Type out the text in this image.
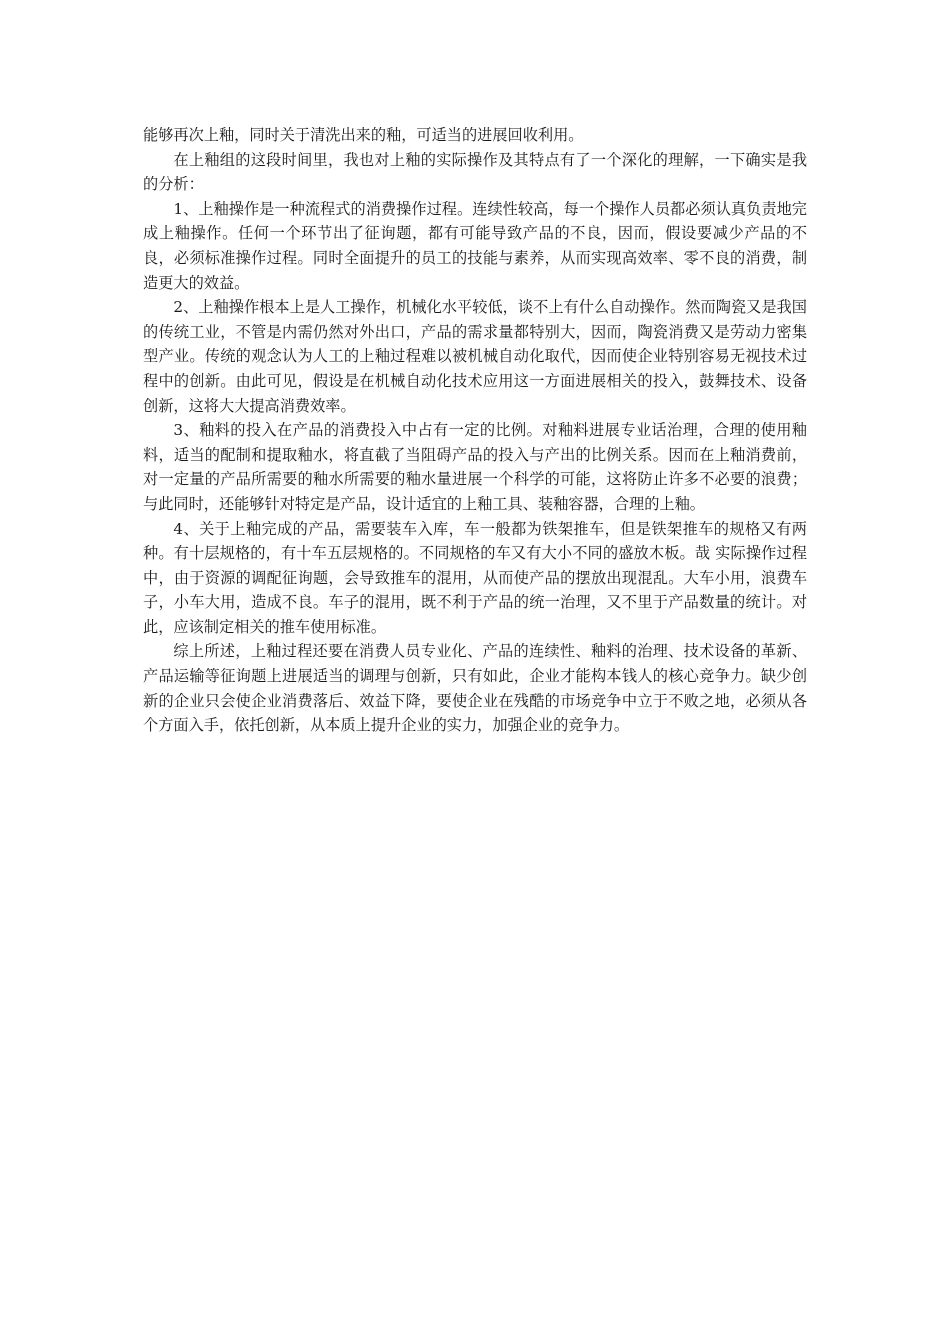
能够再次上釉，同时关于清洗出来的釉，可适当的进展回收利用。

在上釉组的这段时间里，我也对上釉的实际操作及其特点有了一个深化的理解，一下确实是我的分析：

1、上釉操作是一种流程式的消费操作过程。连续性较高，每一个操作人员都必须认真负责地完成上釉操作。任何一个环节出了征询题，都有可能导致产品的不良，因而，假设要减少产品的不良，必须标准操作过程。同时全面提升的员工的技能与素养，从而实现高效率、零不良的消费，制造更大的效益。

2、上釉操作根本上是人工操作，机械化水平较低，谈不上有什么自动操作。然而陶瓷又是我国的传统工业，不管是内需仍然对外出口，产品的需求量都特别大，因而，陶瓷消费又是劳动力密集型产业。传统的观念认为人工的上釉过程难以被机械自动化取代，因而使企业特别容易无视技术过程中的创新。由此可见，假设是在机械自动化技术应用这一方面进展相关的投入，鼓舞技术、设备创新，这将大大提高消费效率。

3、釉料的投入在产品的消费投入中占有一定的比例。对釉料进展专业话治理，合理的使用釉料，适当的配制和提取釉水，将直截了当阻碍产品的投入与产出的比例关系。因而在上釉消费前，对一定量的产品所需要的釉水所需要的釉水量进展一个科学的可能，这将防止许多不必要的浪费；与此同时，还能够针对特定是产品，设计适宜的上釉工具、装釉容器，合理的上釉。

4、关于上釉完成的产品，需要装车入库，车一般都为铁架推车，但是铁架推车的规格又有两种。有十层规格的，有十车五层规格的。不同规格的车又有大小不同的盛放木板。哉 实际操作过程中，由于资源的调配征询题，会导致推车的混用，从而使产品的摆放出现混乱。大车小用，浪费车子，小车大用，造成不良。车子的混用，既不利于产品的统一治理，又不里于产品数量的统计。对此，应该制定相关的推车使用标准。

综上所述，上釉过程还要在消费人员专业化、产品的连续性、釉料的治理、技术设备的革新、产品运输等征询题上进展适当的调理与创新，只有如此，企业才能构本钱人的核心竞争力。缺少创新的企业只会使企业消费落后、效益下降，要使企业在残酷的市场竞争中立于不败之地，必须从各个方面入手，依托创新，从本质上提升企业的实力，加强企业的竞争力。
